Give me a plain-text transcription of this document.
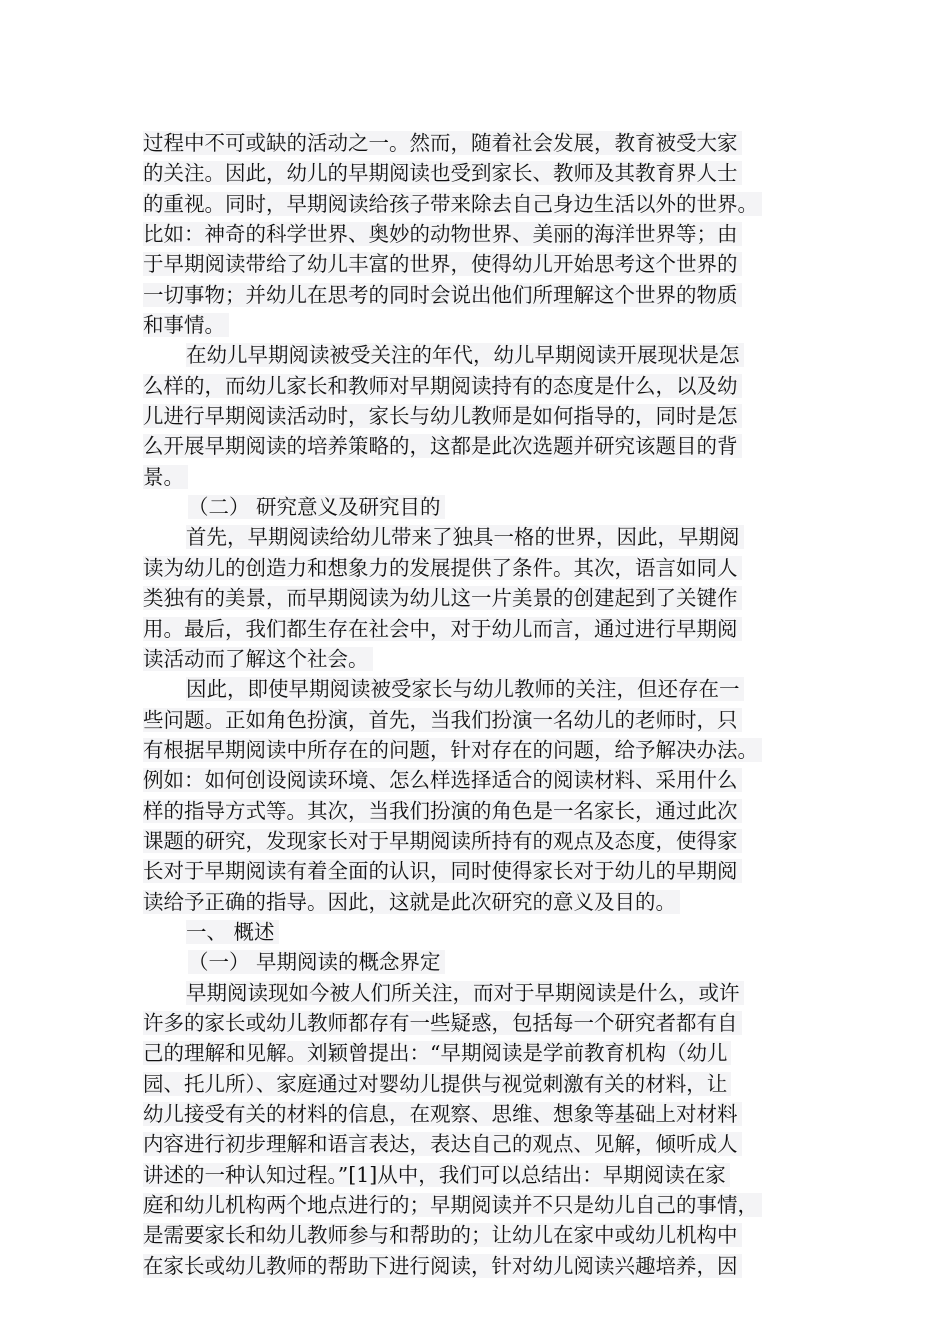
过程中不可或缺的活动之一。然而，随着社会发展，教育被受大家
的关注。因此，幼儿的早期阅读也受到家长、教师及其教育界人士
的重视。同时，早期阅读给孩子带来除去自己身边生活以外的世界。
比如：神奇的科学世界、奥妙的动物世界、美丽的海洋世界等；由
于早期阅读带给了幼儿丰富的世界，使得幼儿开始思考这个世界的
一切事物；并幼儿在思考的同时会说出他们所理解这个世界的物质
和事情。
在幼儿早期阅读被受关注的年代，幼儿早期阅读开展现状是怎
么样的，而幼儿家长和教师对早期阅读持有的态度是什么，以及幼
儿进行早期阅读活动时，家长与幼儿教师是如何指导的，同时是怎
么开展早期阅读的培养策略的，这都是此次选题并研究该题目的背
景。
（二） 研究意义及研究目的
首先，早期阅读给幼儿带来了独具一格的世界，因此，早期阅
读为幼儿的创造力和想象力的发展提供了条件。其次，语言如同人
类独有的美景，而早期阅读为幼儿这一片美景的创建起到了关键作
用。最后，我们都生存在社会中，对于幼儿而言，通过进行早期阅
读活动而了解这个社会。
因此，即使早期阅读被受家长与幼儿教师的关注，但还存在一
些问题。正如角色扮演，首先，当我们扮演一名幼儿的老师时，只
有根据早期阅读中所存在的问题，针对存在的问题，给予解决办法。
例如：如何创设阅读环境、怎么样选择适合的阅读材料、采用什么
样的指导方式等。其次，当我们扮演的角色是一名家长，通过此次
课题的研究，发现家长对于早期阅读所持有的观点及态度，使得家
长对于早期阅读有着全面的认识，同时使得家长对于幼儿的早期阅
读给予正确的指导。因此，这就是此次研究的意义及目的。
一、 概述
（一） 早期阅读的概念界定
早期阅读现如今被人们所关注，而对于早期阅读是什么，或许
许多的家长或幼儿教师都存有一些疑惑，包括每一个研究者都有自
己的理解和见解。刘颖曾提出：“早期阅读是学前教育机构（幼儿
园、托儿所）、家庭通过对婴幼儿提供与视觉刺激有关的材料，让
幼儿接受有关的材料的信息，在观察、思维、想象等基础上对材料
内容进行初步理解和语言表达，表达自己的观点、见解，倾听成人
讲述的一种认知过程。”[1]从中，我们可以总结出：早期阅读在家
庭和幼儿机构两个地点进行的；早期阅读并不只是幼儿自己的事情，
是需要家长和幼儿教师参与和帮助的；让幼儿在家中或幼儿机构中
在家长或幼儿教师的帮助下进行阅读，针对幼儿阅读兴趣培养，因
